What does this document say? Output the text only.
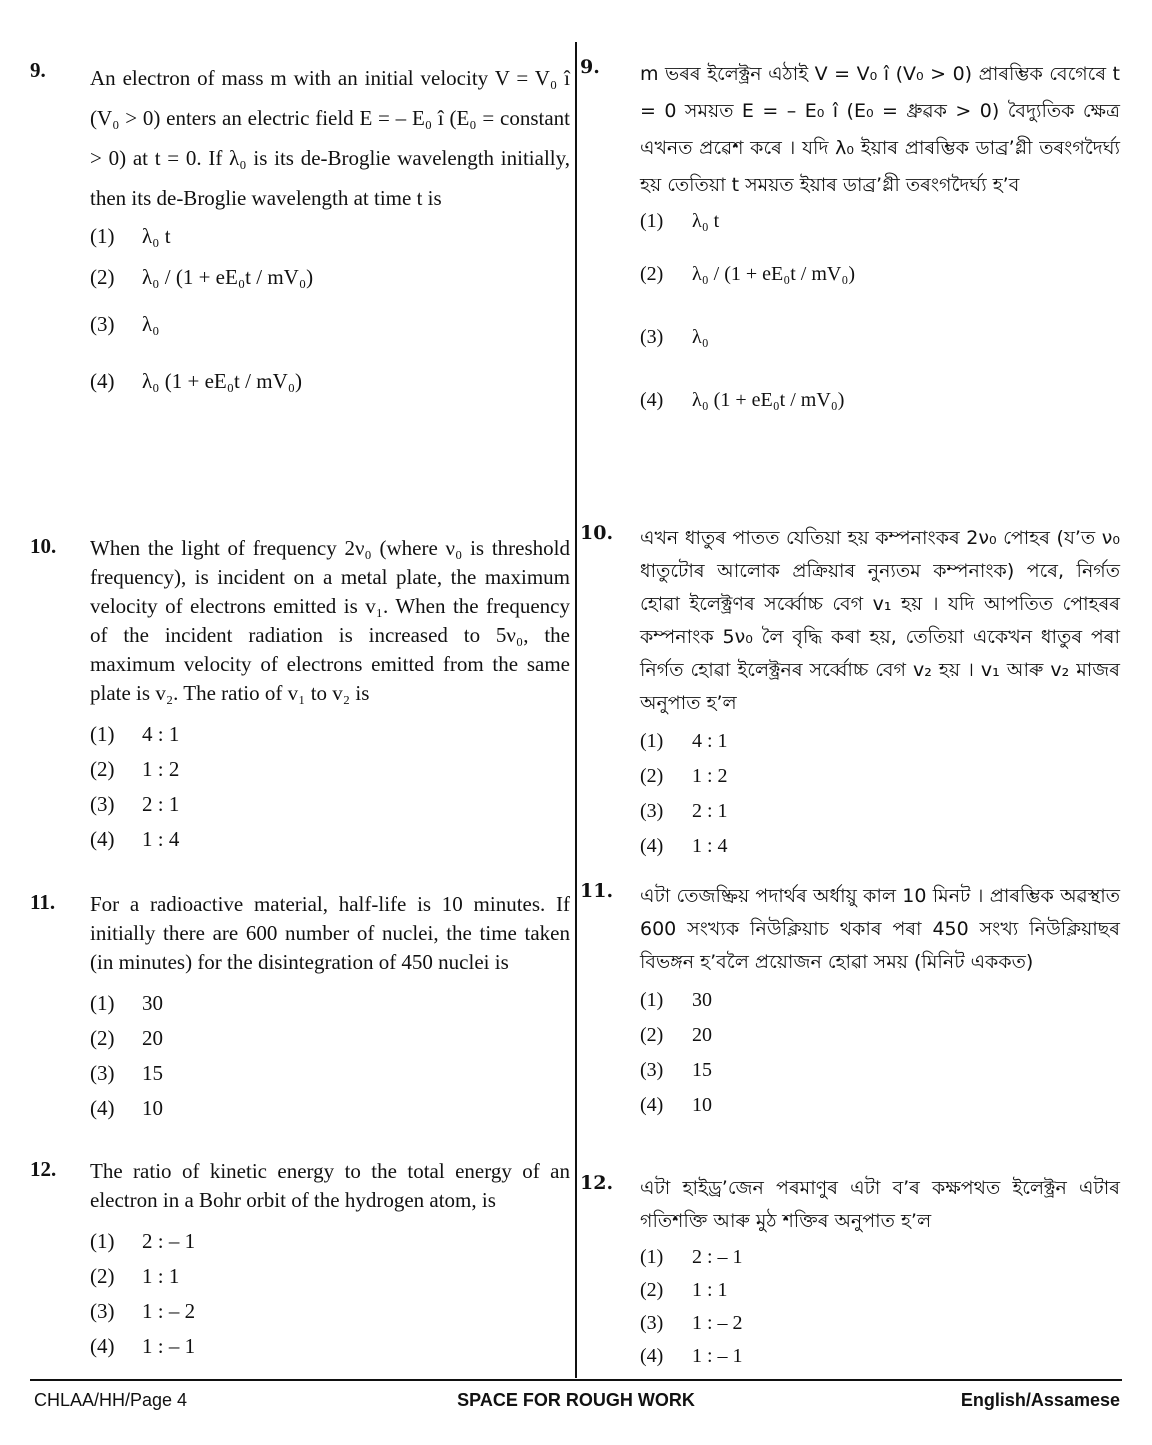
9. An electron of mass m with an initial velocity V = V₀ î (V₀ > 0) enters an electric field E = – E₀ î (E₀ = constant > 0) at t = 0. If λ₀ is its de-Broglie wavelength initially, then its de-Broglie wavelength at time t is
(1)	λ₀ t
(2)	λ₀ / (1 + eE₀t / mV₀)
(3)	λ₀
(4)	λ₀ (1 + eE₀t / mV₀)
10. When the light of frequency 2ν₀ (where ν₀ is threshold frequency), is incident on a metal plate, the maximum velocity of electrons emitted is v₁. When the frequency of the incident radiation is increased to 5ν₀, the maximum velocity of electrons emitted from the same plate is v₂. The ratio of v₁ to v₂ is
(1)	4 : 1
(2)	1 : 2
(3)	2 : 1
(4)	1 : 4
11. For a radioactive material, half-life is 10 minutes. If initially there are 600 number of nuclei, the time taken (in minutes) for the disintegration of 450 nuclei is
(1)	30
(2)	20
(3)	15
(4)	10
12. The ratio of kinetic energy to the total energy of an electron in a Bohr orbit of the hydrogen atom, is
(1)	2 : – 1
(2)	1 : 1
(3)	1 : – 2
(4)	1 : – 1
9. m ভৰৰ ইলেক্ট্ৰন এঠাই V = V₀ î (V₀ > 0) প্ৰাৰম্ভিক বেগেৰে t = 0 সময়ত E = – E₀ î (E₀ = ধ্ৰুৱক > 0) বৈদ্যুতিক ক্ষেত্ৰ এখনত প্ৰৱেশ কৰে । যদি λ₀ ইয়াৰ প্ৰাৰম্ভিক ডাব্ৰ’গ্লী তৰংগদৈৰ্ঘ্য হয় তেতিয়া t সময়ত ইয়াৰ ডাব্ৰ’গ্লী তৰংগদৈৰ্ঘ্য হ’ব
(1)	λ₀ t
(2)	λ₀ / (1 + eE₀t / mV₀)
(3)	λ₀
(4)	λ₀ (1 + eE₀t / mV₀)
10. এখন ধাতুৰ পাতত যেতিয়া হয় কম্পনাংকৰ 2ν₀ পোহৰ (য’ত ν₀ ধাতুটোৰ আলোক প্ৰক্ৰিয়াৰ নুন্যতম কম্পনাংক) পৰে, নিৰ্গত হোৱা ইলেক্ট্ৰণৰ সৰ্ব্বোচ্চ বেগ v₁ হয় । যদি আপতিত পোহৰৰ কম্পনাংক 5ν₀ লৈ বৃদ্ধি কৰা হয়, তেতিয়া একেখন ধাতুৰ পৰা নিৰ্গত হোৱা ইলেক্ট্ৰনৰ সৰ্ব্বোচ্চ বেগ v₂ হয় । v₁ আৰু v₂ মাজৰ অনুপাত হ’ল
(1)	4 : 1
(2)	1 : 2
(3)	2 : 1
(4)	1 : 4
11. এটা তেজষ্ক্ৰিয় পদাৰ্থৰ অৰ্ধায়ু কাল 10 মিনট । প্ৰাৰম্ভিক অৱস্থাত 600 সংখ্যক নিউক্লিয়াচ থকাৰ পৰা 450 সংখ্য নিউক্লিয়াছৰ বিভঙ্গন হ’বলৈ প্ৰয়োজন হোৱা সময় (মিনিট এককত)
(1)	30
(2)	20
(3)	15
(4)	10
12. এটা হাইড্ৰ’জেন পৰমাণুৰ এটা ব’ৰ কক্ষপথত ইলেক্ট্ৰন এটাৰ গতিশক্তি আৰু মুঠ শক্তিৰ অনুপাত হ’ল
(1)	2 : – 1
(2)	1 : 1
(3)	1 : – 2
(4)	1 : – 1
CHLAA/HH/Page 4	SPACE FOR ROUGH WORK	English/Assamese
